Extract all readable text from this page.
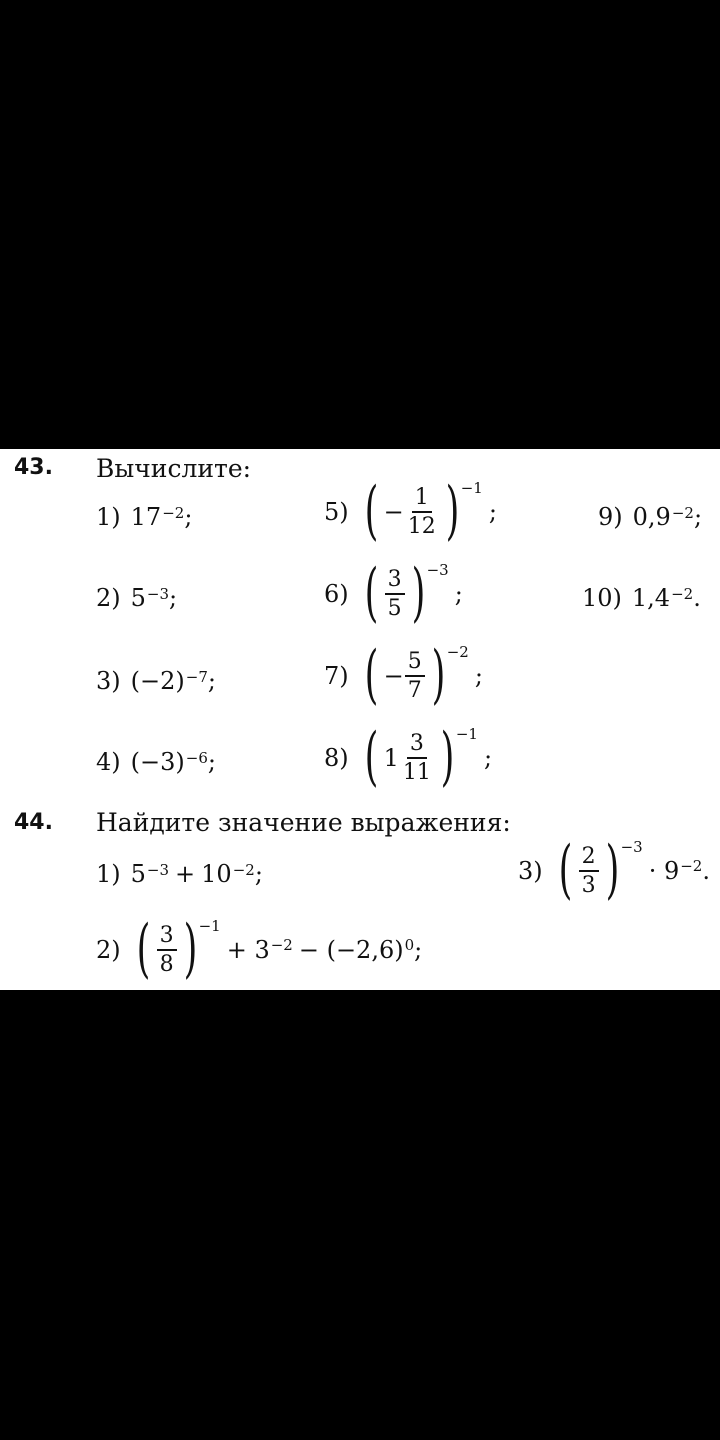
43. Вычислите:
1) $17^{-2}$ ;
2) $5^{-3}$ ;
3) $(-2)^{-7}$ ;
4) $(-3)^{-6}$ ;
5) ( − $\frac{1}{12}$ ) −1
;
6) ( $\frac{3}{5}$ ) −3
;
7) ( − $\frac{5}{7}$ ) −2
;
8) ( $1 \frac{3}{11}$ ) −1
;
9) $0,9^{-2}$ ;
10) $1,4^{-2}$ .
44. Найдите значение выражения:
1) $5^{-3} + 10^{-2}$ ;
2) ( $\frac{3}{8}$ ) −1
+ $3^{-2} - (-2,6)^0$ ;
3) ( $\frac{2}{3}$ ) −3
· $9^{-2}$ .
